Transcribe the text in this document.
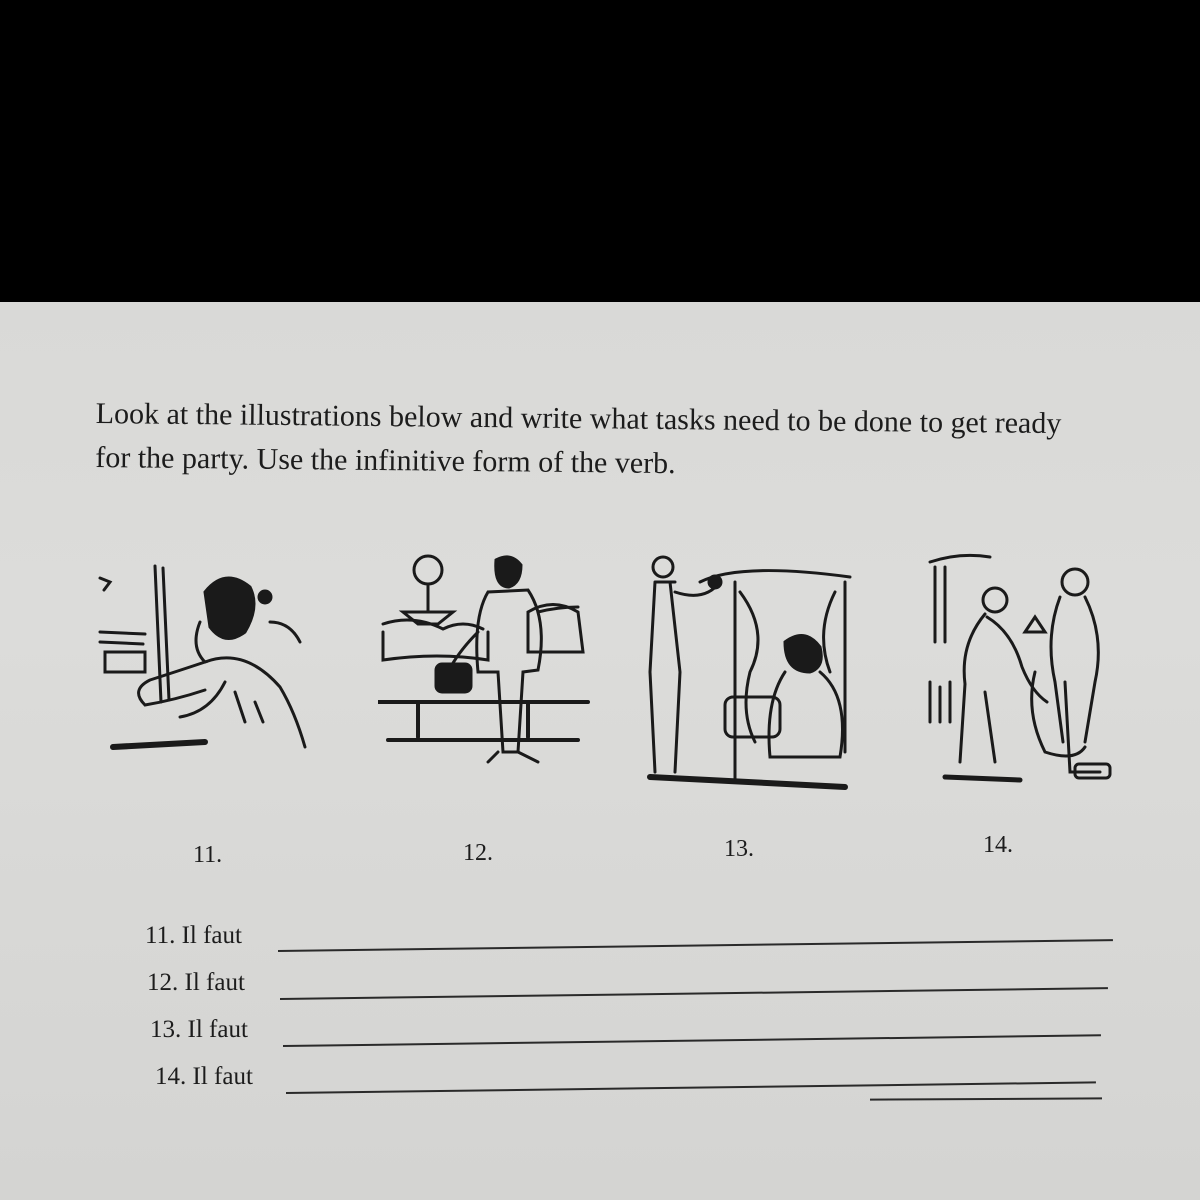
Look at the illustrations below and write what tasks need to be done to get ready
for the party. Use the infinitive form of the verb.
11.	12.	13.	14.
11. Il faut
12. Il faut
13. Il faut
14. Il faut
